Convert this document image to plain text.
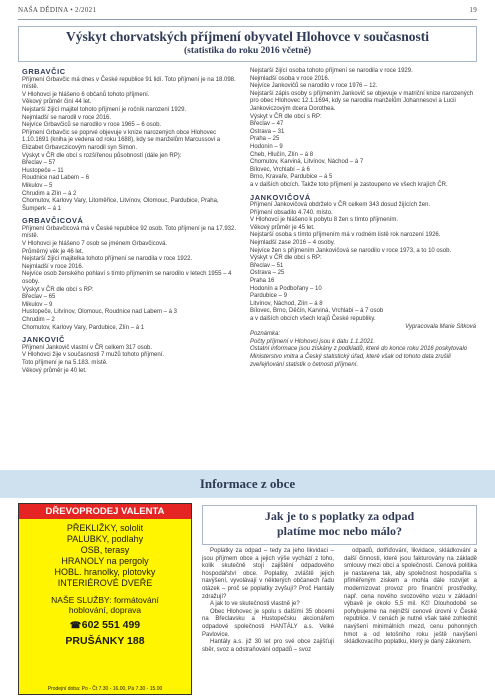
NAŠA DĚDINA • 2/2021	19
Výskyt chorvatských příjmení obyvatel Hlohovce v současnosti
(statistika do roku 2016 včetně)

GRBAVČIC

Příjmení Grbavčic má dnes v České republice 91 lidí. Toto příjmení je na 18.098. místě.

V Hlohovci je hlášeno 6 občanů tohoto příjmení.

Věkový průměr činí 44 let.

Nejstarší žijící majitel tohoto příjmení je ročník narození 1929.

Nejmladší se narodil v roce 2016.

Nejvíce Grbavčiců se narodilo v roce 1965 – 6 osob.

Příjmení Grbavčic se poprvé objevuje v knize narozených obce Hlohovec 1.10.1691 (kniha je vedena od roku 1688), kdy se manželům Marcussovi a Elizabet Grbavczicovým narodil syn Simon.

Výskyt v ČR dle obcí s rozšířenou působností (dále jen RP):

Břeclav – 57

Hustopeče – 11

Roudnice nad Labem – 6

Mikulov – 5

Chrudim a Zlín – á 2

Chomutov, Karlovy Vary, Litoměřice, Litvínov, Olomouc, Pardubice, Praha, Šumperk – á 1

GRBAVČICOVÁ

Příjmení Grbavčicová má v České republice 92 osob. Toto příjmení je na 17.932. místě.

V Hlohovci je hlášeno 7 osob se jménem Grbavčicová.

Průměrný věk je 46 let.

Nejstarší žijící majitelka tohoto příjmení se narodila v roce 1922.

Nejmladší v roce 2016.

Nejvíce osob ženského pohlaví s tímto příjmením se narodilo v letech 1955 – 4 osoby.

Výskyt v ČR dle obcí s RP:

Břeclav – 65

Mikulov – 9

Hustopeče, Litvínov, Olomouc, Roudnice nad Labem – á 3

Chrudim – 2

Chomutov, Karlovy Vary, Pardubice, Zlín – á 1

JANKOVIČ

Příjmení Jankovič vlastní v ČR celkem 317 osob.

V Hlohovci žije v současnosti 7 mužů tohoto příjmení.

Toto příjmení je na 5.183. místě.

Věkový průměr je 40 let.

Nejstarší žijící osoba tohoto příjmení se narodila v roce 1929.

Nejmladší osoba v roce 2016.

Nejvíce Jankovičů se narodilo v roce 1976 – 12.

Nejstarší zápis osoby s příjmením Jankovič se objevuje v matriční knize narozených pro obec Hlohovec 12.1.1694, kdy se narodila manželům Johannesovi a Lucii Jankoviczovým dcera Dorothea.

Výskyt v ČR dle obcí s RP:

Břeclav – 47

Ostrava – 31

Praha – 25

Hodonín – 9

Cheb, Hlučín, Zlín – á 8

Chomutov, Karviná, Litvínov, Náchod – á 7

Bílovec, Vrchlabí – á 6

Brno, Kravaře, Pardubice – á 5

a v dalších obcích. Takže toto příjmení je zastoupeno ve všech krajích ČR.

JANKOVIČOVÁ

Příjmení Jankovičová obdrželo v ČR celkem 343 dosud žijících žen.

Příjmení obsadilo 4.740. místo.

V Hlohovci je hlášeno k pobytu 8 žen s tímto příjmením.

Věkový průměr je 45 let.

Nejstarší osoba s tímto příjmením má v rodném listě rok narození 1926.

Nejmladší zase 2016 – 4 osoby.

Nejvíce žen s příjmením Jankovičová se narodilo v roce 1973, a to 10 osob.

Výskyt v ČR dle obcí s RP:

Břeclav – 51

Ostrava – 25

Praha 16

Hodonín a Podbořany – 10

Pardubice – 9

Litvínov, Náchod, Zlín – á 8

Bílovec, Brno, Děčín, Karviná, Vrchlabí – á 7 osob

a v dalších obcích všech krajů České republiky.

Vypracovala Marie Sitková

Poznámka:

Počty příjmení v Hlohovci jsou k datu 1.1.2021.

Ostatní informace jsou získány z podkladů, které do konce roku 2016 poskytovalo Ministerstvo vnitra a Český statistický úřad, které však od tohoto data zrušili zveřejňování statistik o četnosti příjmení.

Informace z obce
DŘEVOPRODEJ VALENTA
PŘEKLIŽKY, sololit
PALUBKY, podlahy
OSB, terasy
HRANOLY na pergoly
HOBL. hranolky, plotovky
INTERIÉROVÉ DVEŘE
NAŠE SLUŽBY: formátování
hoblování, doprava
☎ 602 551 499
PRUŠÁNKY 188
Prodejní doba: Po - Čt 7.30 - 16.00, Pá 7.30 - 15.00
Jak je to s poplatky za odpad
platíme moc nebo málo?

Poplatky za odpad – tedy za jeho likvidaci – jsou příjmem obce a jejich výše vychází z toho, kolik skutečně stojí zajištění odpadového hospodářství obce. Poplatky, zvláště jejich navýšení, vyvolávají v některých občanech řadu otázek – proč se poplatky zvyšují? Proč Hantály zdražují?

A jak to ve skutečnosti vlastně je?

Obec Hlohovec je spolu s dalšími 35 obcemi na Břeclavsku a Hustopečsku akcionářem odpadové společnosti HANTÁLY a.s. Velké Pavlovice.

Hantály a.s. již 30 let pro své obce zajišťují sběr, svoz a odstraňování odpadů – svoz

odpadů, dotřiďování, likvidace, skládkování a další činnosti, které jsou fakturovány na základě smlouvy mezi obcí a společností. Cenová politika je nastavena tak, aby společnost hospodařila s přiměřeným ziskem a mohla dále rozvíjet a modernizovat provoz pro finanční prostředky, např. cena nového svozového vozu v základní výbavě je okolo 5,5 mil. Kč! Dlouhodobě se pohybujeme na nejnižší cenové úrovni v České republice. V cenách je nutné však také zohlednit navýšení minimálních mezd, cenu pohonných hmot a od letošního roku ještě navýšení skládkovacího poplatku, který je daný zákonem.
